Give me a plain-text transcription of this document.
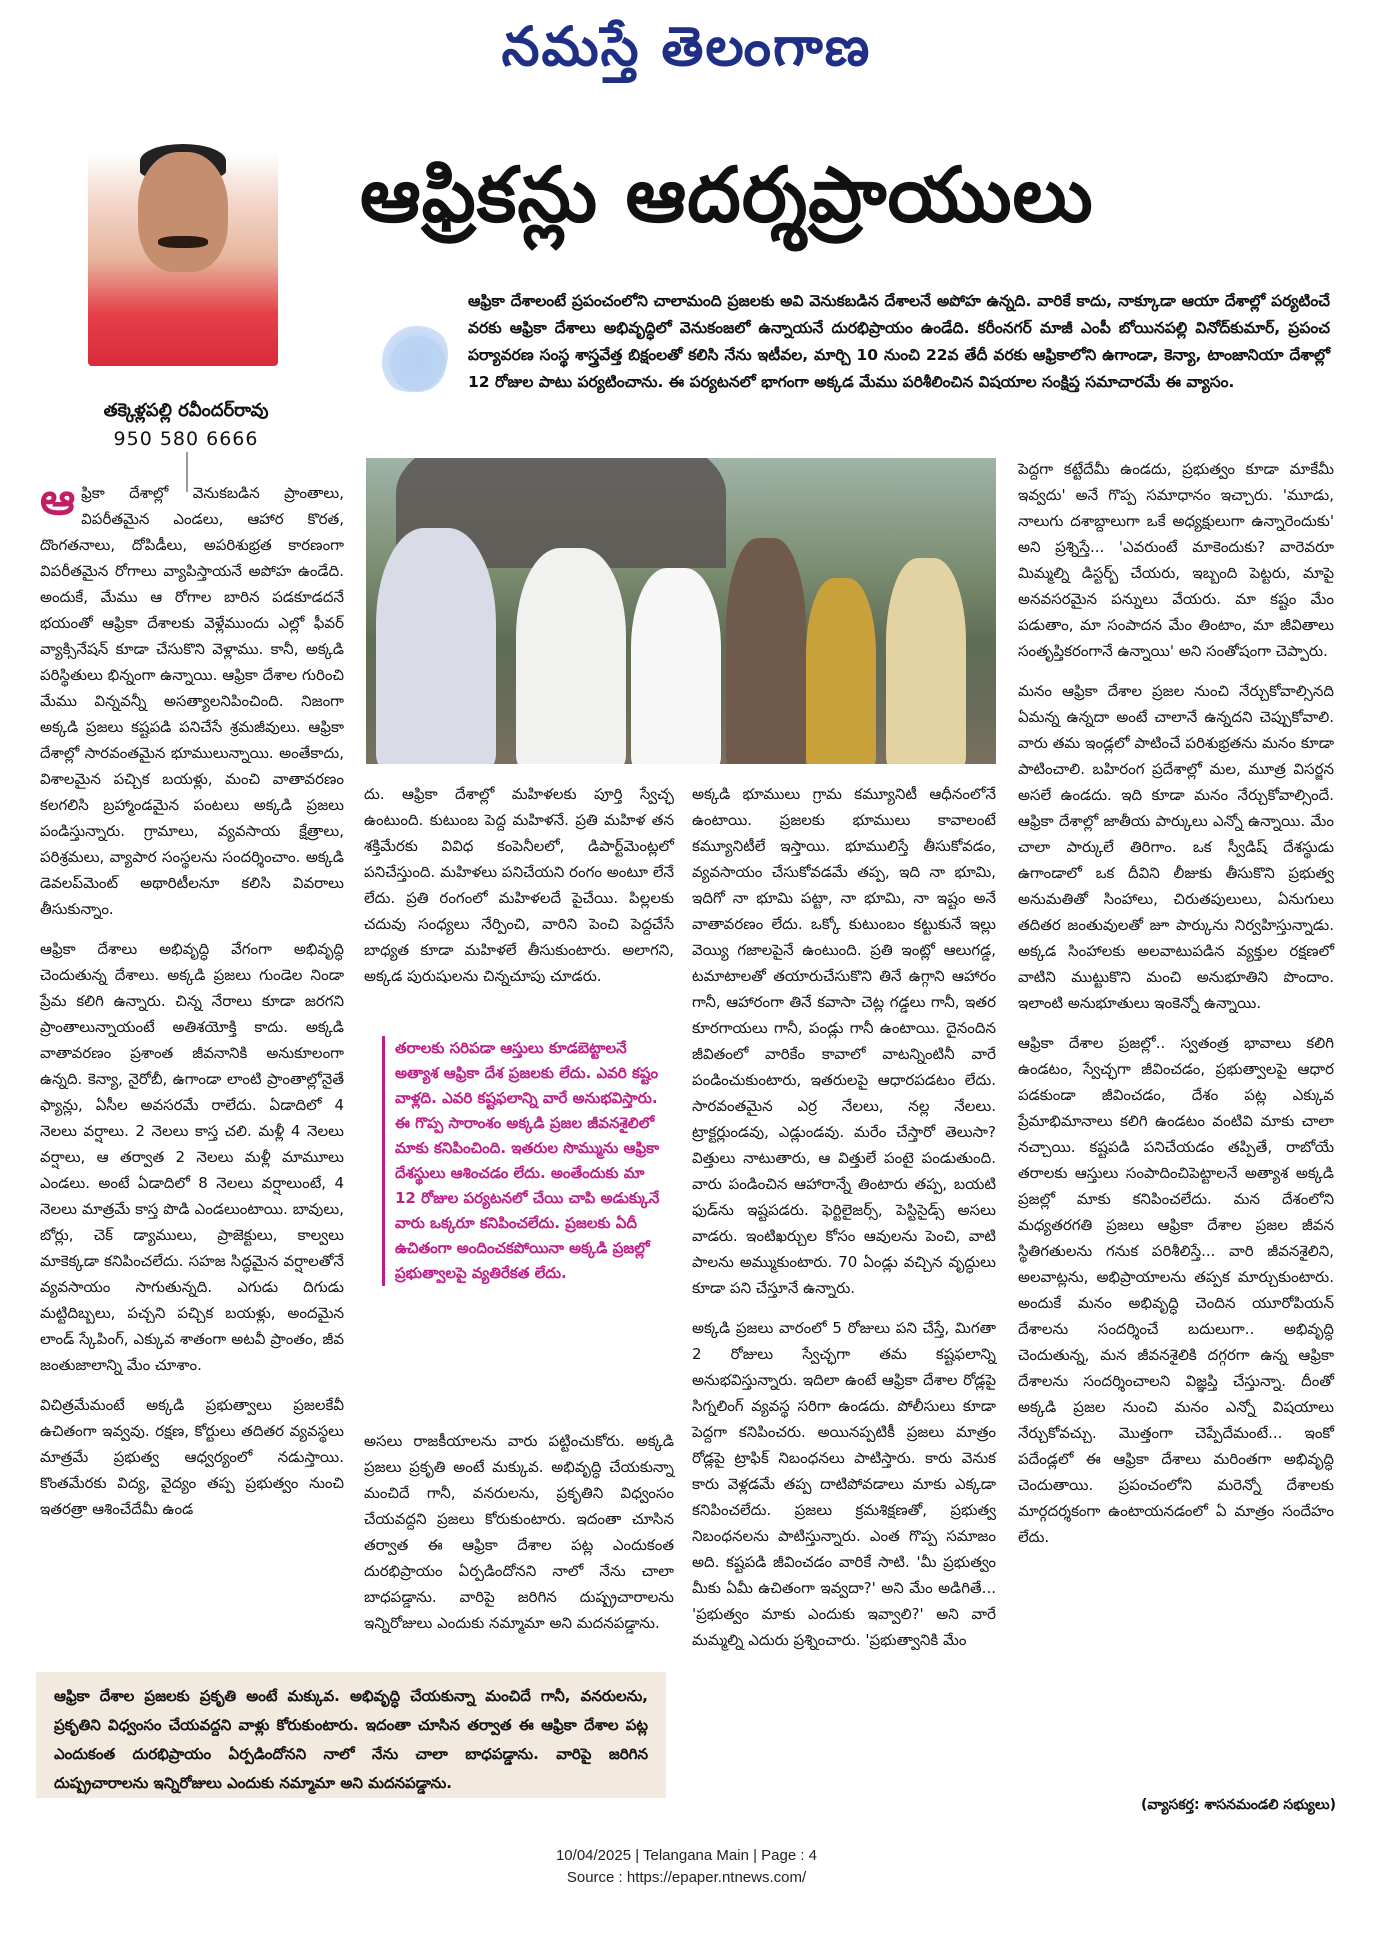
నమస్తే తెలంగాణ
తక్కెళ్లపల్లి రవీందర్‌రావు
950 580 6666
ఆఫ్రికన్లు ఆదర్శప్రాయులు
ఆఫ్రికా దేశాలంటే ప్రపంచంలోని చాలామంది ప్రజలకు అవి వెనుకబడిన దేశాలనే అపోహ ఉన్నది. వారికే కాదు, నాక్కూడా ఆయా దేశాల్లో పర్యటించే వరకు ఆఫ్రికా దేశాలు అభివృద్ధిలో వెనుకంజలో ఉన్నాయనే దురభిప్రాయం ఉండేది. కరీంనగర్ మాజీ ఎంపీ బోయినపల్లి వినోద్‌కుమార్, ప్రపంచ పర్యావరణ సంస్థ శాస్త్రవేత్త బిక్షంలతో కలిసి నేను ఇటీవల, మార్చి 10 నుంచి 22వ తేదీ వరకు ఆఫ్రికాలోని ఉగాండా, కెన్యా, టాంజానియా దేశాల్లో 12 రోజుల పాటు పర్యటించాను. ఈ పర్యటనలో భాగంగా అక్కడ మేము పరిశీలించిన విషయాల సంక్షిప్త సమాచారమే ఈ వ్యాసం.

ఆఫ్రికా దేశాల్లో వెనుకబడిన ప్రాంతాలు, విపరీతమైన ఎండలు, ఆహార కొరత, దొంగతనాలు, దోపిడీలు, అపరిశుభ్రత కారణంగా విపరీతమైన రోగాలు వ్యాపిస్తాయనే అపోహ ఉండేది. అందుకే, మేము ఆ రోగాల బారిన పడకూడదనే భయంతో ఆఫ్రికా దేశాలకు వెళ్లేముందు ఎల్లో ఫీవర్ వ్యాక్సినేషన్ కూడా చేసుకొని వెళ్లాము. కానీ, అక్కడి పరిస్థితులు భిన్నంగా ఉన్నాయి. ఆఫ్రికా దేశాల గురించి మేము విన్నవన్నీ అసత్యాలనిపించింది. నిజంగా అక్కడి ప్రజలు కష్టపడి పనిచేసే శ్రమజీవులు. ఆఫ్రికా దేశాల్లో సారవంతమైన భూములున్నాయి. అంతేకాదు, విశాలమైన పచ్చిక బయళ్లు, మంచి వాతావరణం కలగలిసి బ్రహ్మాండమైన పంటలు అక్కడి ప్రజలు పండిస్తున్నారు. గ్రామాలు, వ్యవసాయ క్షేత్రాలు, పరిశ్రమలు, వ్యాపార సంస్థలను సందర్శించాం. అక్కడి డెవలప్‌మెంట్ అథారిటీలనూ కలిసి వివరాలు తీసుకున్నాం.

ఆఫ్రికా దేశాలు అభివృద్ధి వేగంగా అభివృద్ధి చెందుతున్న దేశాలు. అక్కడి ప్రజలు గుండెల నిండా ప్రేమ కలిగి ఉన్నారు. చిన్న నేరాలు కూడా జరగని ప్రాంతాలున్నాయంటే అతిశయోక్తి కాదు. అక్కడి వాతావరణం ప్రశాంత జీవనానికి అనుకూలంగా ఉన్నది. కెన్యా, నైరోబీ, ఉగాండా లాంటి ప్రాంతాల్లోనైతే ఫ్యాన్లు, ఏసీల అవసరమే రాలేదు. ఏడాదిలో 4 నెలలు వర్షాలు. 2 నెలలు కాస్త చలి. మళ్లీ 4 నెలలు వర్షాలు, ఆ తర్వాత 2 నెలలు మళ్లీ మామూలు ఎండలు. అంటే ఏడాదిలో 8 నెలలు వర్షాలుంటే, 4 నెలలు మాత్రమే కాస్త పొడి ఎండలుంటాయి. బావులు, బోర్లు, చెక్ డ్యాములు, ప్రాజెక్టులు, కాల్వలు మాకెక్కడా కనిపించలేదు. సహజ సిద్ధమైన వర్షాలతోనే వ్యవసాయం సాగుతున్నది. ఎగుడు దిగుడు మట్టిదిబ్బలు, పచ్చని పచ్చిక బయళ్లు, అందమైన లాండ్ స్కేపింగ్, ఎక్కువ శాతంగా అటవీ ప్రాంతం, జీవ జంతుజాలాన్ని మేం చూశాం.

విచిత్రమేమంటే అక్కడి ప్రభుత్వాలు ప్రజలకేవీ ఉచితంగా ఇవ్వవు. రక్షణ, కోర్టులు తదితర వ్యవస్థలు మాత్రమే ప్రభుత్వ ఆధ్వర్యంలో నడుస్తాయి. కొంతమేరకు విద్య, వైద్యం తప్ప ప్రభుత్వం నుంచి ఇతరత్రా ఆశించేదేమీ ఉండ

దు. ఆఫ్రికా దేశాల్లో మహిళలకు పూర్తి స్వేచ్ఛ ఉంటుంది. కుటుంబ పెద్ద మహిళనే. ప్రతి మహిళ తన శక్తిమేరకు వివిధ కంపెనీలలో, డిపార్ట్‌మెంట్లలో పనిచేస్తుంది. మహిళలు పనిచేయని రంగం అంటూ లేనే లేదు. ప్రతి రంగంలో మహిళలదే పైచేయి. పిల్లలకు చదువు సంధ్యలు నేర్పించి, వారిని పెంచి పెద్దచేసే బాధ్యత కూడా మహిళలే తీసుకుంటారు. అలాగని, అక్కడ పురుషులను చిన్నచూపు చూడరు.

తరాలకు సరిపడా ఆస్తులు కూడబెట్టాలనే అత్యాశ ఆఫ్రికా దేశ ప్రజలకు లేదు. ఎవరి కష్టం వాళ్లది. ఎవరి కష్టఫలాన్ని వారే అనుభవిస్తారు. ఈ గొప్ప సారాంశం అక్కడి ప్రజల జీవనశైలిలో మాకు కనిపించింది. ఇతరుల సొమ్మును ఆఫ్రికా దేశస్థులు ఆశించడం లేదు. అంతేందుకు మా 12 రోజుల పర్యటనలో చేయి చాపి అడుక్కునే వారు ఒక్కరూ కనిపించలేదు. ప్రజలకు ఏదీ ఉచితంగా అందించకపోయినా అక్కడి ప్రజల్లో ప్రభుత్వాలపై వ్యతిరేకత లేదు.

అసలు రాజకీయాలను వారు పట్టించుకోరు. అక్కడి ప్రజలు ప్రకృతి అంటే మక్కువ. అభివృద్ధి చేయకున్నా మంచిదే గానీ, వనరులను, ప్రకృతిని విధ్వంసం చేయవద్దని ప్రజలు కోరుకుంటారు. ఇదంతా చూసిన తర్వాత ఈ ఆఫ్రికా దేశాల పట్ల ఎందుకంత దురభిప్రాయం ఏర్పడిందోనని నాలో నేను చాలా బాధపడ్డాను. వారిపై జరిగిన దుష్ప్రచారాలను ఇన్నిరోజులు ఎందుకు నమ్మామా అని మదనపడ్డాను.

అక్కడి భూములు గ్రామ కమ్యూనిటీ ఆధీనంలోనే ఉంటాయి. ప్రజలకు భూములు కావాలంటే కమ్యూనిటీలే ఇస్తాయి. భూములిస్తే తీసుకోవడం, వ్యవసాయం చేసుకోవడమే తప్ప, ఇది నా భూమి, ఇదిగో నా భూమి పట్టా, నా భూమి, నా ఇష్టం అనే వాతావరణం లేదు. ఒక్కో కుటుంబం కట్టుకునే ఇల్లు వెయ్యి గజాలపైనే ఉంటుంది. ప్రతి ఇంట్లో ఆలుగడ్డ, టమాటాలతో తయారుచేసుకొని తినే ఉగ్గాని ఆహారం గానీ, ఆహారంగా తినే కవాసా చెట్ల గడ్డలు గానీ, ఇతర కూరగాయలు గానీ, పండ్లు గానీ ఉంటాయి. దైనందిన జీవితంలో వారికేం కావాలో వాటన్నింటినీ వారే పండించుకుంటారు, ఇతరులపై ఆధారపడటం లేదు. సారవంతమైన ఎర్ర నేలలు, నల్ల నేలలు. ట్రాక్టర్లుండవు, ఎడ్లుండవు. మరేం చేస్తారో తెలుసా? విత్తులు నాటుతారు, ఆ విత్తులే పంటై పండుతుంది. వారు పండించిన ఆహారాన్నే తింటారు తప్ప, బయటి ఫుడ్‌ను ఇష్టపడరు. ఫెర్టిలైజర్స్, పెస్టిసైడ్స్ అసలు వాడరు. ఇంటిఖర్చుల కోసం ఆవులను పెంచి, వాటి పాలను అమ్ముకుంటారు. 70 ఏండ్లు వచ్చిన వృద్ధులు కూడా పని చేస్తూనే ఉన్నారు.

అక్కడి ప్రజలు వారంలో 5 రోజులు పని చేస్తే, మిగతా 2 రోజులు స్వేచ్ఛగా తమ కష్టఫలాన్ని అనుభవిస్తున్నారు. ఇదిలా ఉంటే ఆఫ్రికా దేశాల రోడ్లపై సిగ్నలింగ్ వ్యవస్థ సరిగా ఉండదు. పోలీసులు కూడా పెద్దగా కనిపించరు. అయినప్పటికీ ప్రజలు మాత్రం రోడ్లపై ట్రాఫిక్ నిబంధనలు పాటిస్తారు. కారు వెనుక కారు వెళ్లడమే తప్ప దాటిపోవడాలు మాకు ఎక్కడా కనిపించలేదు. ప్రజలు క్రమశిక్షణతో, ప్రభుత్వ నిబంధనలను పాటిస్తున్నారు. ఎంత గొప్ప సమాజం అది. కష్టపడి జీవించడం వారికే సాటి. 'మీ ప్రభుత్వం మీకు ఏమీ ఉచితంగా ఇవ్వదా?' అని మేం అడిగితే... 'ప్రభుత్వం మాకు ఎందుకు ఇవ్వాలి?' అని వారే మమ్మల్ని ఎదురు ప్రశ్నించారు. 'ప్రభుత్వానికి మేం

పెద్దగా కట్టేదేమీ ఉండదు, ప్రభుత్వం కూడా మాకేమీ ఇవ్వదు' అనే గొప్ప సమాధానం ఇచ్చారు. 'మూడు, నాలుగు దశాబ్దాలుగా ఒకే అధ్యక్షులుగా ఉన్నారెందుకు' అని ప్రశ్నిస్తే... 'ఎవరుంటే మాకెందుకు? వారెవరూ మిమ్మల్ని డిస్టర్బ్ చేయరు, ఇబ్బంది పెట్టరు, మాపై అనవసరమైన పన్నులు వేయరు. మా కష్టం మేం పడుతాం, మా సంపాదన మేం తింటాం, మా జీవితాలు సంతృప్తికరంగానే ఉన్నాయి' అని సంతోషంగా చెప్పారు.

మనం ఆఫ్రికా దేశాల ప్రజల నుంచి నేర్చుకోవాల్సినది ఏమన్న ఉన్నదా అంటే చాలానే ఉన్నదని చెప్పుకోవాలి. వారు తమ ఇండ్లలో పాటించే పరిశుభ్రతను మనం కూడా పాటించాలి. బహిరంగ ప్రదేశాల్లో మల, మూత్ర విసర్జన అసలే ఉండదు. ఇది కూడా మనం నేర్చుకోవాల్సిందే. ఆఫ్రికా దేశాల్లో జాతీయ పార్కులు ఎన్నో ఉన్నాయి. మేం చాలా పార్కులే తిరిగాం. ఒక స్వీడిష్ దేశస్థుడు ఉగాండాలో ఒక దీవిని లీజుకు తీసుకొని ప్రభుత్వ అనుమతితో సింహాలు, చిరుతపులులు, ఏనుగులు తదితర జంతువులతో జూ పార్కును నిర్వహిస్తున్నాడు. అక్కడ సింహాలకు అలవాటుపడిన వ్యక్తుల రక్షణలో వాటిని ముట్టుకొని మంచి అనుభూతిని పొందాం. ఇలాంటి అనుభూతులు ఇంకెన్నో ఉన్నాయి.

ఆఫ్రికా దేశాల ప్రజల్లో.. స్వతంత్ర భావాలు కలిగి ఉండటం, స్వేచ్ఛగా జీవించడం, ప్రభుత్వాలపై ఆధార పడకుండా జీవించడం, దేశం పట్ల ఎక్కువ ప్రేమాభిమానాలు కలిగి ఉండటం వంటివి మాకు చాలా నచ్చాయి. కష్టపడి పనిచేయడం తప్పితే, రాబోయే తరాలకు ఆస్తులు సంపాదించిపెట్టాలనే అత్యాశ అక్కడి ప్రజల్లో మాకు కనిపించలేదు. మన దేశంలోని మధ్యతరగతి ప్రజలు ఆఫ్రికా దేశాల ప్రజల జీవన స్థితిగతులను గనుక పరిశీలిస్తే... వారి జీవనశైలిని, అలవాట్లను, అభిప్రాయాలను తప్పక మార్చుకుంటారు. అందుకే మనం అభివృద్ధి చెందిన యూరోపియన్ దేశాలను సందర్శించే బదులుగా.. అభివృద్ధి చెందుతున్న, మన జీవనశైలికి దగ్గరగా ఉన్న ఆఫ్రికా దేశాలను సందర్శించాలని విజ్ఞప్తి చేస్తున్నా. దీంతో అక్కడి ప్రజల నుంచి మనం ఎన్నో విషయాలు నేర్చుకోవచ్చు. మొత్తంగా చెప్పేదేమంటే... ఇంకో పదేండ్లలో ఈ ఆఫ్రికా దేశాలు మరింతగా అభివృద్ధి చెందుతాయి. ప్రపంచంలోని మరెన్నో దేశాలకు మార్గదర్శకంగా ఉంటాయనడంలో ఏ మాత్రం సందేహం లేదు.

ఆఫ్రికా దేశాల ప్రజలకు ప్రకృతి అంటే మక్కువ. అభివృద్ధి చేయకున్నా మంచిదే గానీ, వనరులను, ప్రకృతిని విధ్వంసం చేయవద్దని వాళ్లు కోరుకుంటారు. ఇదంతా చూసిన తర్వాత ఈ ఆఫ్రికా దేశాల పట్ల ఎందుకంత దురభిప్రాయం ఏర్పడిందోనని నాలో నేను చాలా బాధపడ్డాను. వారిపై జరిగిన దుష్ప్రచారాలను ఇన్నిరోజులు ఎందుకు నమ్మామా అని మదనపడ్డాను.
(వ్యాసకర్త: శాసనమండలి సభ్యులు)
10/04/2025 | Telangana Main | Page : 4
Source : https://epaper.ntnews.com/
